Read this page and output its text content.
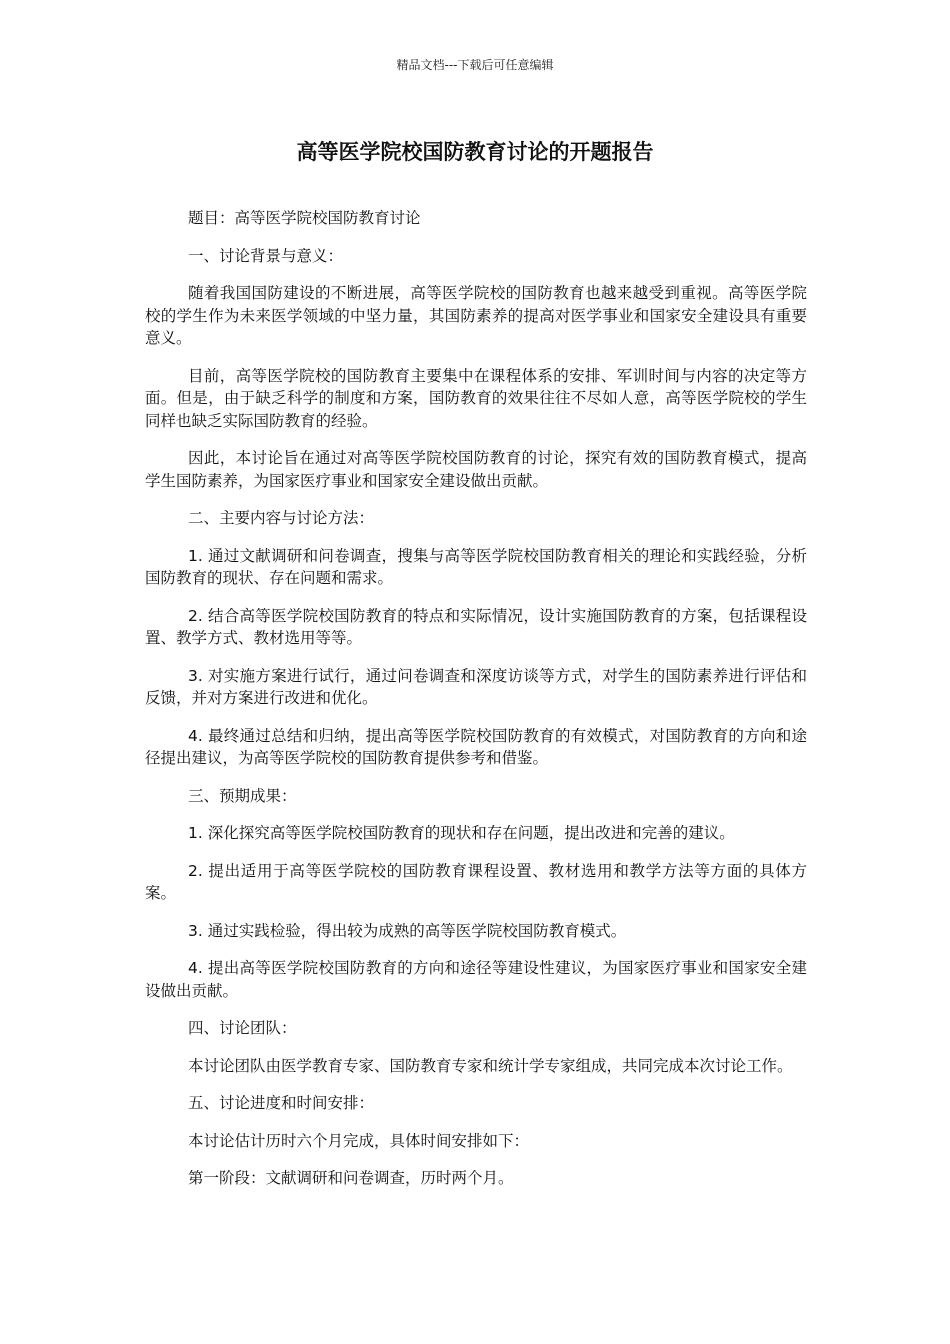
精品文档---下载后可任意编辑
高等医学院校国防教育讨论的开题报告

题目：高等医学院校国防教育讨论

一、讨论背景与意义：

随着我国国防建设的不断进展，高等医学院校的国防教育也越来越受到重视。高等医学院校的学生作为未来医学领域的中坚力量，其国防素养的提高对医学事业和国家安全建设具有重要意义。

目前，高等医学院校的国防教育主要集中在课程体系的安排、军训时间与内容的决定等方面。但是，由于缺乏科学的制度和方案，国防教育的效果往往不尽如人意，高等医学院校的学生同样也缺乏实际国防教育的经验。

因此，本讨论旨在通过对高等医学院校国防教育的讨论，探究有效的国防教育模式，提高学生国防素养，为国家医疗事业和国家安全建设做出贡献。

二、主要内容与讨论方法：

1. 通过文献调研和问卷调查，搜集与高等医学院校国防教育相关的理论和实践经验，分析国防教育的现状、存在问题和需求。

2. 结合高等医学院校国防教育的特点和实际情况，设计实施国防教育的方案，包括课程设置、教学方式、教材选用等等。

3. 对实施方案进行试行，通过问卷调查和深度访谈等方式，对学生的国防素养进行评估和反馈，并对方案进行改进和优化。

4. 最终通过总结和归纳，提出高等医学院校国防教育的有效模式，对国防教育的方向和途径提出建议，为高等医学院校的国防教育提供参考和借鉴。

三、预期成果：

1. 深化探究高等医学院校国防教育的现状和存在问题，提出改进和完善的建议。

2. 提出适用于高等医学院校的国防教育课程设置、教材选用和教学方法等方面的具体方案。

3. 通过实践检验，得出较为成熟的高等医学院校国防教育模式。

4. 提出高等医学院校国防教育的方向和途径等建设性建议，为国家医疗事业和国家安全建设做出贡献。

四、讨论团队：

本讨论团队由医学教育专家、国防教育专家和统计学专家组成，共同完成本次讨论工作。

五、讨论进度和时间安排：

本讨论估计历时六个月完成，具体时间安排如下：

第一阶段：文献调研和问卷调查，历时两个月。
